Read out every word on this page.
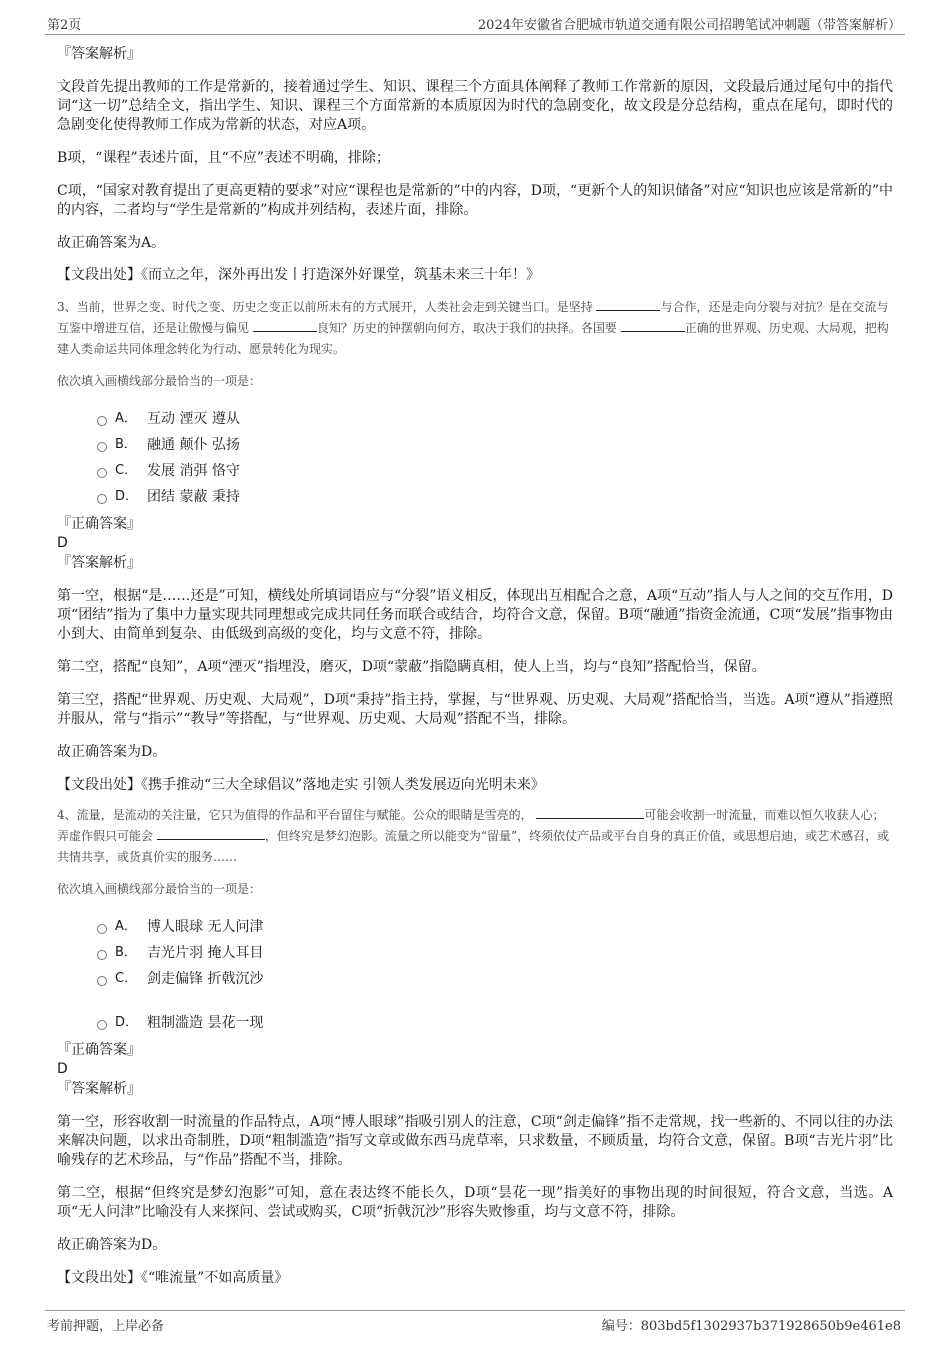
第2页	2024年安徽省合肥城市轨道交通有限公司招聘笔试冲刺题（带答案解析）

『答案解析』

文段首先提出教师的工作是常新的，接着通过学生、知识、课程三个方面具体阐释了教师工作常新的原因，文段最后通过尾句中的指代词“这一切”总结全文，指出学生、知识、课程三个方面常新的本质原因为时代的急剧变化，故文段是分总结构，重点在尾句，即时代的急剧变化使得教师工作成为常新的状态，对应A项。

B项，“课程”表述片面，且“不应”表述不明确，排除；

C项，“国家对教育提出了更高更精的要求”对应“课程也是常新的”中的内容，D项，“更新个人的知识储备”对应“知识也应该是常新的”中的内容，二者均与“学生是常新的”构成并列结构，表述片面，排除。

故正确答案为A。

【文段出处】《而立之年，深外再出发丨打造深外好课堂，筑基未来三十年！》

3、当前，世界之变、时代之变、历史之变正以前所未有的方式展开，人类社会走到关键当口。是坚持	与合作，还是走向分裂与对抗？是在交流与互鉴中增进互信，还是让傲慢与偏见	良知？历史的钟摆朝向何方，取决于我们的抉择。各国要	正确的世界观、历史观、大局观，把构建人类命运共同体理念转化为行动、愿景转化为现实。

依次填入画横线部分最恰当的一项是：

A． 互动 湮灭 遵从
B． 融通 颠仆 弘扬
C． 发展 消弭 恪守
D． 团结 蒙蔽 秉持

『正确答案』

D

『答案解析』

第一空，根据“是……还是”可知，横线处所填词语应与“分裂”语义相反，体现出互相配合之意，A项“互动”指人与人之间的交互作用，D项“团结”指为了集中力量实现共同理想或完成共同任务而联合或结合，均符合文意，保留。B项“融通”指资金流通，C项“发展”指事物由小到大、由简单到复杂、由低级到高级的变化，均与文意不符，排除。

第二空，搭配“良知”，A项“湮灭”指埋没，磨灭，D项“蒙蔽”指隐瞒真相，使人上当，均与“良知”搭配恰当，保留。

第三空，搭配“世界观、历史观、大局观”，D项“秉持”指主持，掌握，与“世界观、历史观、大局观”搭配恰当，当选。A项“遵从”指遵照并服从，常与“指示”“教导”等搭配，与“世界观、历史观、大局观”搭配不当，排除。

故正确答案为D。

【文段出处】《携手推动“三大全球倡议”落地走实 引领人类发展迈向光明未来》

4、流量，是流动的关注量，它只为值得的作品和平台留住与赋能。公众的眼睛是雪亮的，	可能会收割一时流量，而难以恒久收获人心；弄虚作假只可能会	，但终究是梦幻泡影。流量之所以能变为“留量”，终须依仗产品或平台自身的真正价值，或思想启迪，或艺术感召，或共情共享，或货真价实的服务……

依次填入画横线部分最恰当的一项是：

A． 博人眼球 无人问津
B． 吉光片羽 掩人耳目
C． 剑走偏锋 折戟沉沙
D． 粗制滥造 昙花一现

『正确答案』

D

『答案解析』

第一空，形容收割一时流量的作品特点，A项“博人眼球”指吸引别人的注意，C项“剑走偏锋”指不走常规，找一些新的、不同以往的办法来解决问题，以求出奇制胜，D项“粗制滥造”指写文章或做东西马虎草率，只求数量，不顾质量，均符合文意，保留。B项“吉光片羽”比喻残存的艺术珍品，与“作品”搭配不当，排除。

第二空，根据“但终究是梦幻泡影”可知，意在表达终不能长久，D项“昙花一现”指美好的事物出现的时间很短，符合文意，当选。A项“无人问津”比喻没有人来探问、尝试或购买，C项“折戟沉沙”形容失败惨重，均与文意不符，排除。

故正确答案为D。

【文段出处】《“唯流量”不如高质量》

考前押题，上岸必备	编号：803bd5f1302937b371928650b9e461e8
